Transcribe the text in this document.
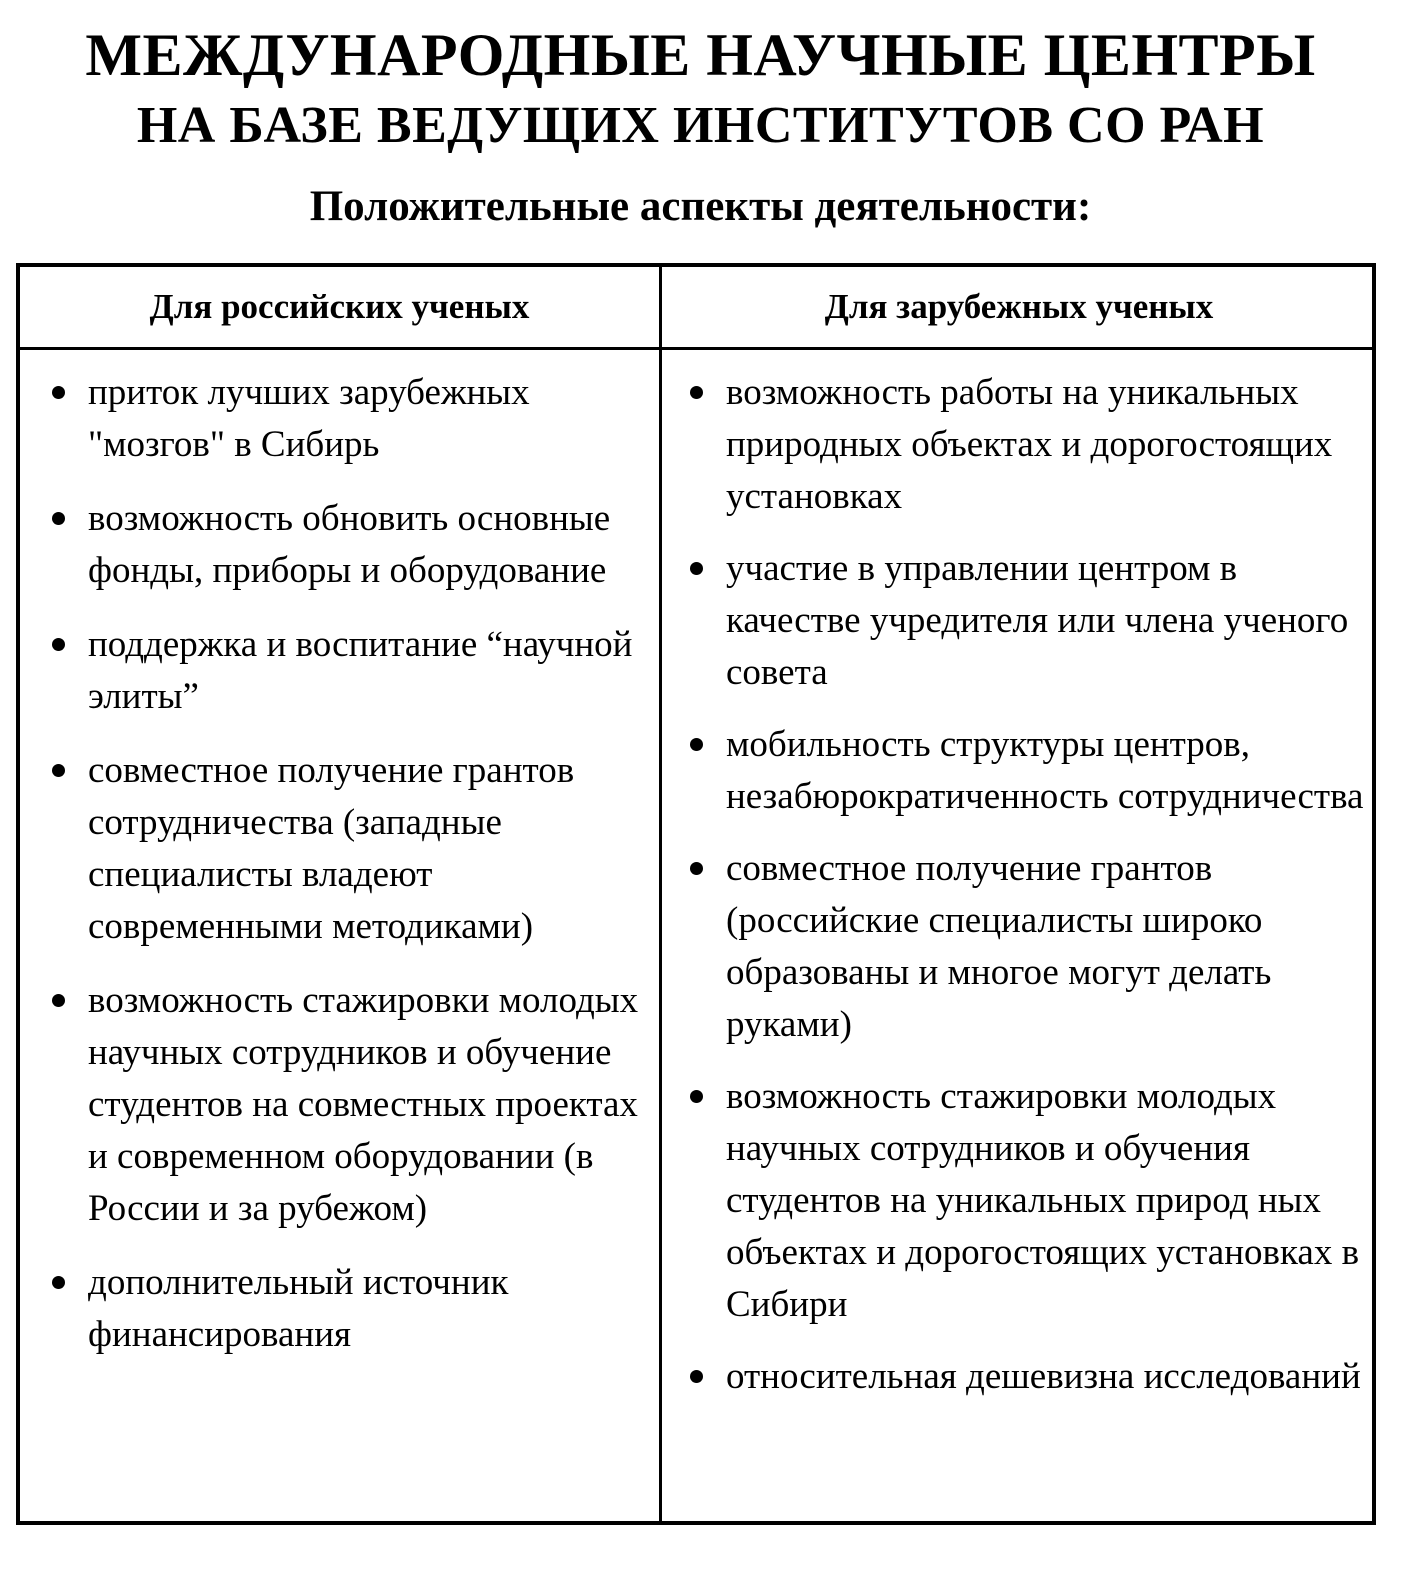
МЕЖДУНАРОДНЫЕ НАУЧНЫЕ ЦЕНТРЫ
НА БАЗЕ ВЕДУЩИХ ИНСТИТУТОВ СО РАН
Положительные аспекты деятельности:
Для российских ученых	Для зарубежных ученых
приток лучших зарубежных "мозгов" в Сибирь
возможность обновить основные фонды, приборы и оборудование
поддержка и воспитание “научной элиты”
совместное получение грантов сотрудничества (западные специалисты владеют современными методиками)
возможность стажировки молодых научных сотрудников и обучение студентов на совместных проектах и современном оборудовании (в России и за рубежом)
дополнительный источник финансирования
возможность работы на уникальных природных объектах и дорогостоящих установках
участие в управлении центром в качестве учредителя или члена ученого совета
мобильность структуры центров, незабюрократиченность сотрудничества
совместное получение грантов (российские специалисты широко образованы и многое могут делать руками)
возможность стажировки молодых научных сотрудников и обучения студентов на уникальных природ ных объектах и дорогостоящих установках в Сибири
относительная дешевизна исследований
